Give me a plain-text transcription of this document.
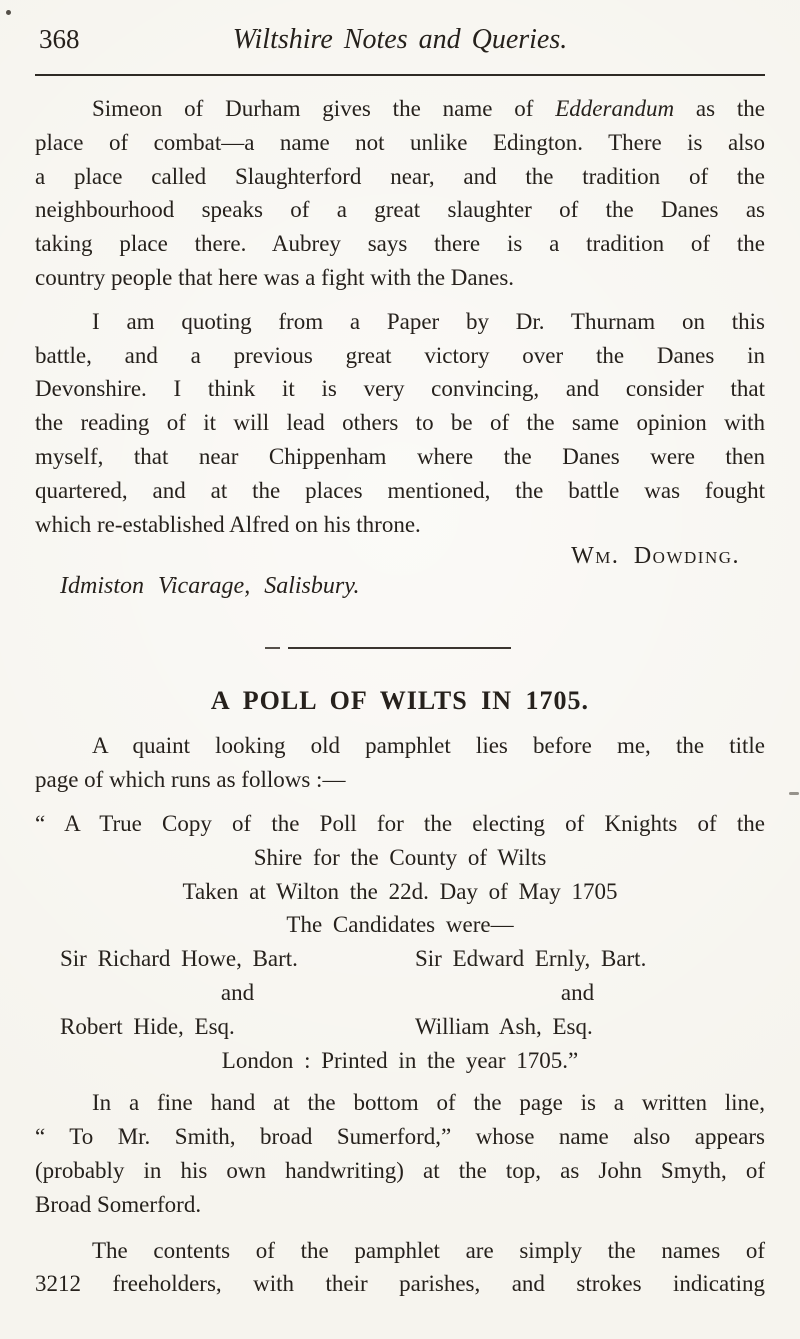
368	Wiltshire Notes and Queries.
Simeon of Durham gives the name of Edderandum as the
place of combat—a name not unlike Edington. There is also
a place called Slaughterford near, and the tradition of the
neighbourhood speaks of a great slaughter of the Danes as
taking place there. Aubrey says there is a tradition of the
country people that here was a fight with the Danes.
I am quoting from a Paper by Dr. Thurnam on this
battle, and a previous great victory over the Danes in
Devonshire. I think it is very convincing, and consider that
the reading of it will lead others to be of the same opinion with
myself, that near Chippenham where the Danes were then
quartered, and at the places mentioned, the battle was fought
which re-established Alfred on his throne.
Wm. Dowding.
Idmiston Vicarage, Salisbury.
A POLL OF WILTS IN 1705.
A quaint looking old pamphlet lies before me, the title
page of which runs as follows :—
“ A True Copy of the Poll for the electing of Knights of the
Shire for the County of Wilts
Taken at Wilton the 22d. Day of May 1705
The Candidates were—
Sir Richard Howe, Bart.	Sir Edward Ernly, Bart.
and	and
Robert Hide, Esq.	William Ash, Esq.
London : Printed in the year 1705.”
In a fine hand at the bottom of the page is a written line,
“ To Mr. Smith, broad Sumerford,” whose name also appears
(probably in his own handwriting) at the top, as John Smyth, of
Broad Somerford.
The contents of the pamphlet are simply the names of
3212 freeholders, with their parishes, and strokes indicating
